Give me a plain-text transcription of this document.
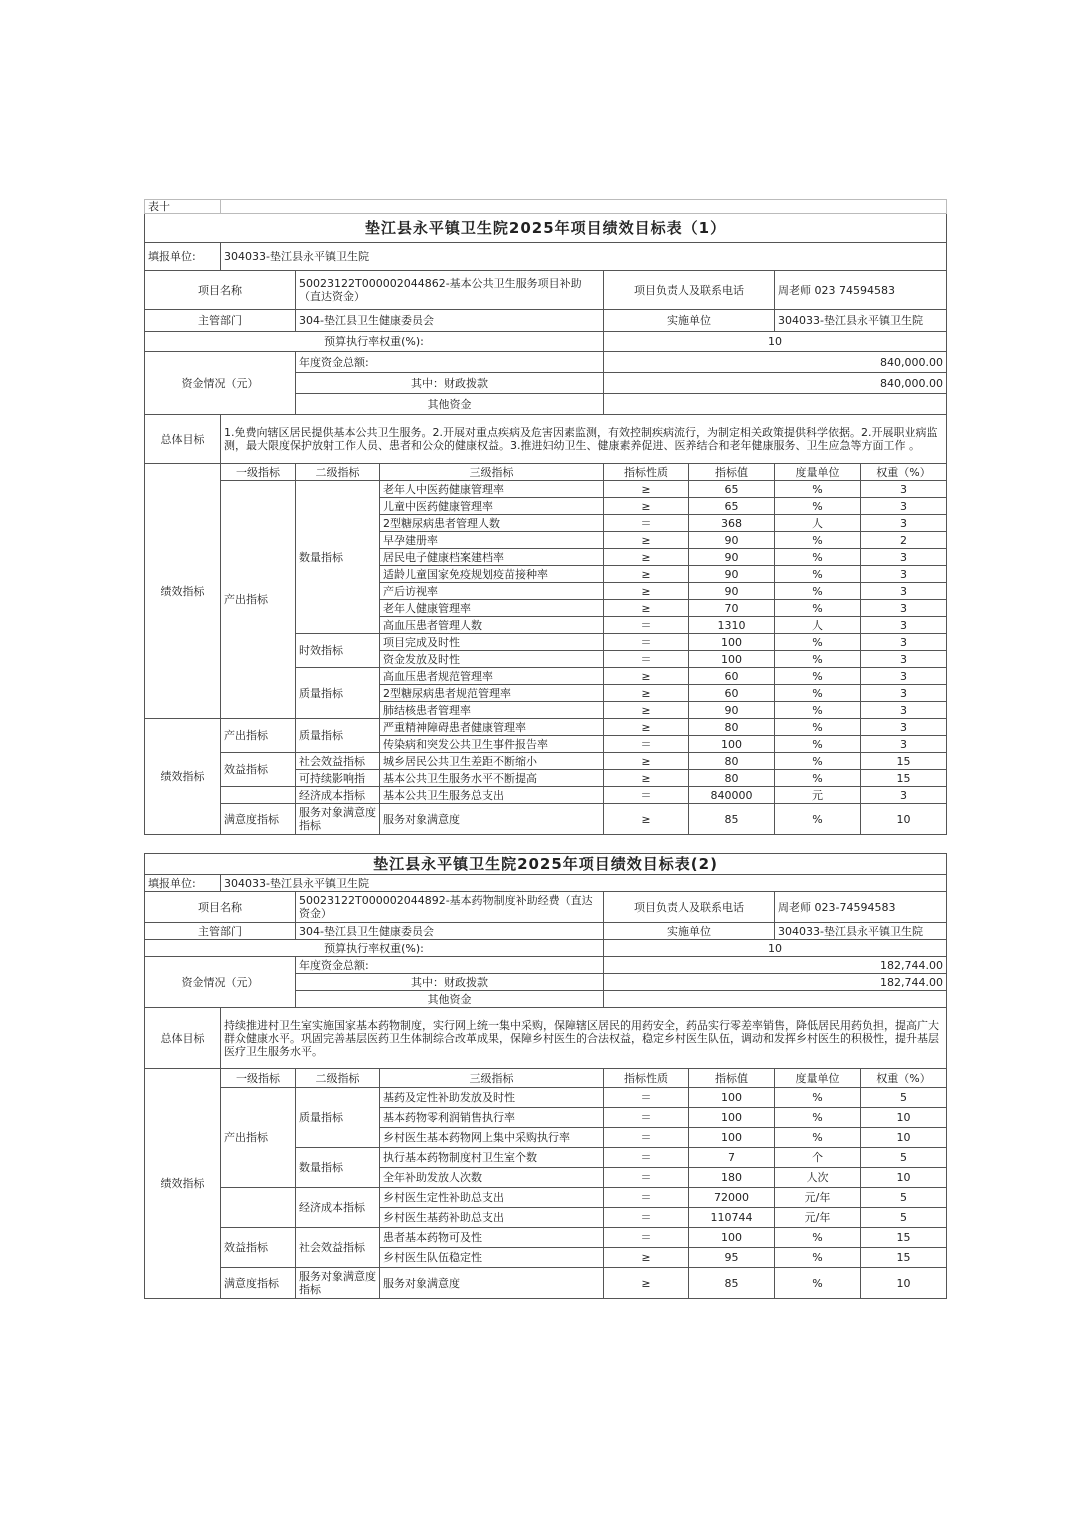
表十							
垫江县永平镇卫生院2025年项目绩效目标表（1）							
填报单位:	304033-垫江县永平镇卫生院						
项目名称		50023122T000002044862-基本公共卫生服务项目补助（直达资金）		项目负责人及联系电话		周老师 023 74594583	
主管部门		304-垫江县卫生健康委员会		实施单位		304033-垫江县永平镇卫生院	
预算执行率权重(%):				10			
资金情况（元）		年度资金总额:		840,000.00			
		其中：财政拨款		840,000.00			
		其他资金					
总体目标	1.免费向辖区居民提供基本公共卫生服务。2.开展对重点疾病及危害因素监测，有效控制疾病流行，为制定相关政策提供科学依据。2.开展职业病监测，最大限度保护放射工作人员、患者和公众的健康权益。3.推进妇幼卫生、健康素养促进、医养结合和老年健康服务、卫生应急等方面工作 。						
绩效指标	一级指标	二级指标	三级指标	指标性质	指标值	度量单位	权重（%）
	产出指标	数量指标	老年人中医药健康管理率	≥	65	%	3
			儿童中医药健康管理率	≥	65	%	3
			2型糖尿病患者管理人数	＝	368	人	3
			早孕建册率	≥	90	%	2
			居民电子健康档案建档率	≥	90	%	3
			适龄儿童国家免疫规划疫苗接种率	≥	90	%	3
			产后访视率	≥	90	%	3
			老年人健康管理率	≥	70	%	3
			高血压患者管理人数	＝	1310	人	3
		时效指标	项目完成及时性	＝	100	%	3
			资金发放及时性	＝	100	%	3
		质量指标	高血压患者规范管理率	≥	60	%	3
			2型糖尿病患者规范管理率	≥	60	%	3
			肺结核患者管理率	≥	90	%	3
绩效指标	产出指标	质量指标	严重精神障碍患者健康管理率	≥	80	%	3
			传染病和突发公共卫生事件报告率	＝	100	%	3
	效益指标	社会效益指标	城乡居民公共卫生差距不断缩小	≥	80	%	15
		可持续影响指	基本公共卫生服务水平不断提高	≥	80	%	15
		经济成本指标	基本公共卫生服务总支出	＝	840000	元	3
	满意度指标	服务对象满意度指标	服务对象满意度	≥	85	%	10
垫江县永平镇卫生院2025年项目绩效目标表(2)							
填报单位:	304033-垫江县永平镇卫生院						
项目名称		50023122T000002044892-基本药物制度补助经费（直达资金）		项目负责人及联系电话		周老师 023-74594583	
主管部门		304-垫江县卫生健康委员会		实施单位		304033-垫江县永平镇卫生院	
预算执行率权重(%):				10			
资金情况（元）		年度资金总额:		182,744.00			
		其中：财政拨款		182,744.00			
		其他资金					
总体目标	持续推进村卫生室实施国家基本药物制度，实行网上统一集中采购，保障辖区居民的用药安全，药品实行零差率销售，降低居民用药负担，提高广大群众健康水平。巩固完善基层医药卫生体制综合改革成果，保障乡村医生的合法权益，稳定乡村医生队伍，调动和发挥乡村医生的积极性，提升基层医疗卫生服务水平。						
绩效指标	一级指标	二级指标	三级指标	指标性质	指标值	度量单位	权重（%）
	产出指标	质量指标	基药及定性补助发放及时性	＝	100	%	5
			基本药物零利润销售执行率	＝	100	%	10
			乡村医生基本药物网上集中采购执行率	＝	100	%	10
		数量指标	执行基本药物制度村卫生室个数	＝	7	个	5
			全年补助发放人次数	＝	180	人次	10
		经济成本指标	乡村医生定性补助总支出	＝	72000	元/年	5
			乡村医生基药补助总支出	＝	110744	元/年	5
	效益指标	社会效益指标	患者基本药物可及性	＝	100	%	15
			乡村医生队伍稳定性	≥	95	%	15
	满意度指标	服务对象满意度指标	服务对象满意度	≥	85	%	10
